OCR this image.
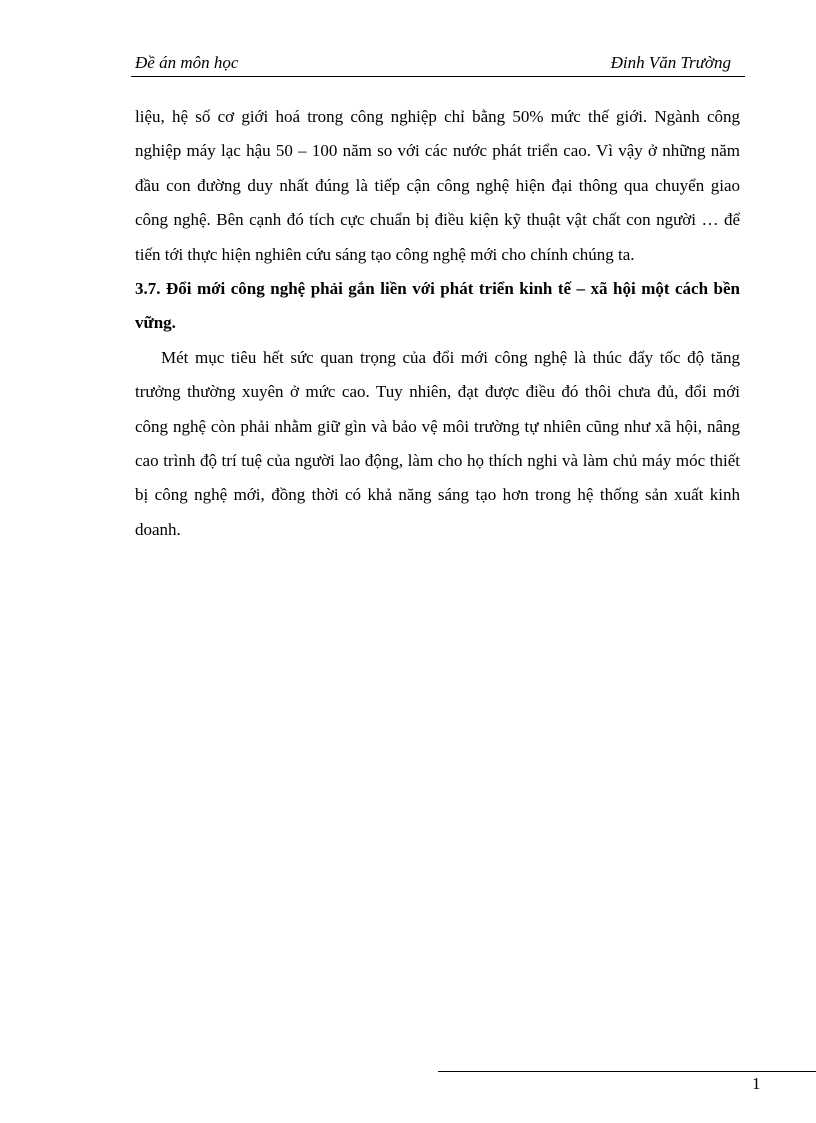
Đề án môn học	Đinh Văn Trường

liệu, hệ số cơ giới hoá trong công nghiệp chỉ bằng 50% mức thế giới. Ngành công nghiệp máy lạc hậu 50 – 100 năm so với các nước phát triển cao. Vì vậy ở những năm đầu con đường duy nhất đúng là tiếp cận công nghệ hiện đại thông qua chuyển giao công nghệ. Bên cạnh đó tích cực chuẩn bị điều kiện kỹ thuật vật chất con người … để tiến tới thực hiện nghiên cứu sáng tạo công nghệ mới cho chính chúng ta.

3.7. Đổi mới công nghệ phải gắn liền với phát triển kinh tế – xã hội một cách bền vững.

Mét mục tiêu hết sức quan trọng của đổi mới công nghệ là thúc đẩy tốc độ tăng trưởng thường xuyên ở mức cao. Tuy nhiên, đạt được điều đó thôi chưa đủ, đổi mới công nghệ còn phải nhằm giữ gìn và bảo vệ môi trường tự nhiên cũng như xã hội, nâng cao trình độ trí tuệ của người lao động, làm cho họ thích nghi và làm chủ máy móc thiết bị công nghệ mới, đồng thời có khả năng sáng tạo hơn trong hệ thống sản xuất kinh doanh.

1
